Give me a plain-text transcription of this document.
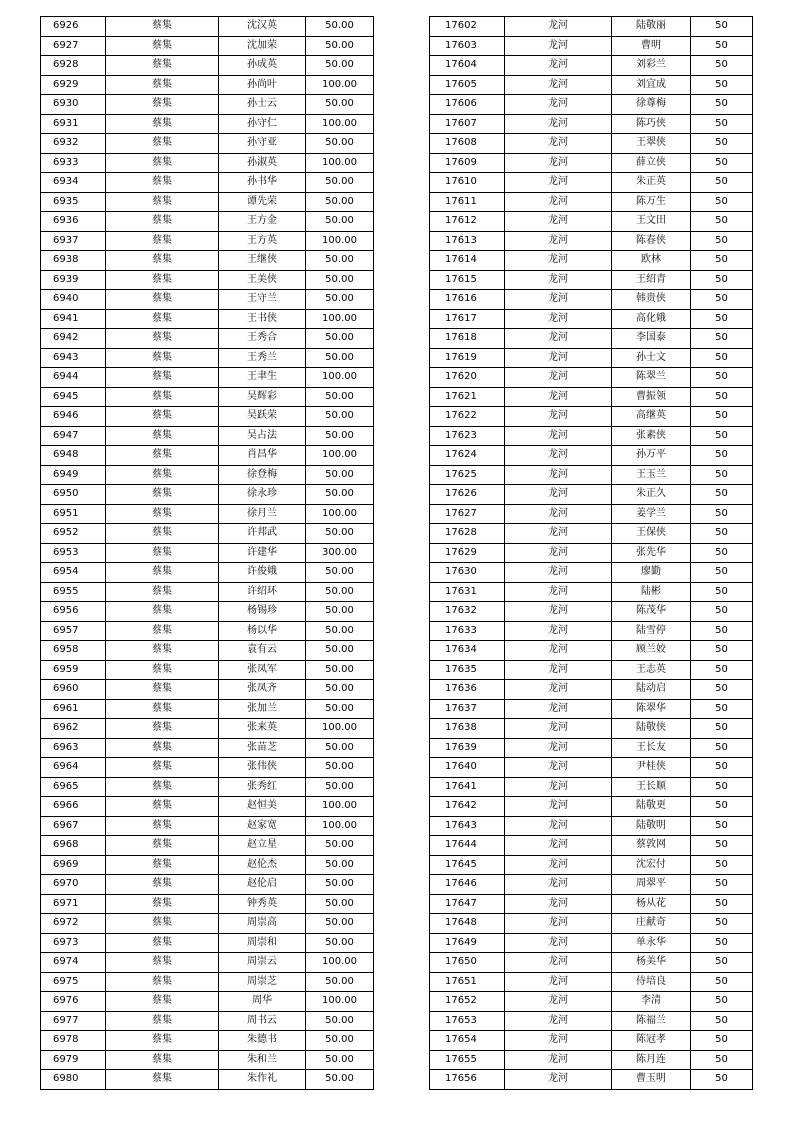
6926	蔡集	沈汉英	50.00
6927	蔡集	沈加荣	50.00
6928	蔡集	孙成英	50.00
6929	蔡集	孙尚叶	100.00
6930	蔡集	孙士云	50.00
6931	蔡集	孙守仁	100.00
6932	蔡集	孙守亚	50.00
6933	蔡集	孙淑英	100.00
6934	蔡集	孙书华	50.00
6935	蔡集	谭先荣	50.00
6936	蔡集	王方金	50.00
6937	蔡集	王方英	100.00
6938	蔡集	王继侠	50.00
6939	蔡集	王美侠	50.00
6940	蔡集	王守兰	50.00
6941	蔡集	王书侠	100.00
6942	蔡集	王秀合	50.00
6943	蔡集	王秀兰	50.00
6944	蔡集	王聿生	100.00
6945	蔡集	吴辉彩	50.00
6946	蔡集	吴跃荣	50.00
6947	蔡集	吴占法	50.00
6948	蔡集	肖昌华	100.00
6949	蔡集	徐登梅	50.00
6950	蔡集	徐永珍	50.00
6951	蔡集	徐月兰	100.00
6952	蔡集	许邦武	50.00
6953	蔡集	许建华	300.00
6954	蔡集	许俊娥	50.00
6955	蔡集	许绍环	50.00
6956	蔡集	杨锡珍	50.00
6957	蔡集	杨以华	50.00
6958	蔡集	袁有云	50.00
6959	蔡集	张凤军	50.00
6960	蔡集	张凤齐	50.00
6961	蔡集	张加兰	50.00
6962	蔡集	张来英	100.00
6963	蔡集	张苗芝	50.00
6964	蔡集	张伟侠	50.00
6965	蔡集	张秀红	50.00
6966	蔡集	赵恒美	100.00
6967	蔡集	赵家宽	100.00
6968	蔡集	赵立星	50.00
6969	蔡集	赵伦杰	50.00
6970	蔡集	赵伦启	50.00
6971	蔡集	钟秀英	50.00
6972	蔡集	周崇高	50.00
6973	蔡集	周崇和	50.00
6974	蔡集	周崇云	100.00
6975	蔡集	周崇芝	50.00
6976	蔡集	周华	100.00
6977	蔡集	周书云	50.00
6978	蔡集	朱德书	50.00
6979	蔡集	朱和兰	50.00
6980	蔡集	朱作礼	50.00
17602	龙河	陆敬丽	50
17603	龙河	曹明	50
17604	龙河	刘彩兰	50
17605	龙河	刘宜成	50
17606	龙河	徐尊梅	50
17607	龙河	陈巧侠	50
17608	龙河	王翠侠	50
17609	龙河	薛立侠	50
17610	龙河	朱正英	50
17611	龙河	陈万生	50
17612	龙河	王文田	50
17613	龙河	陈春侠	50
17614	龙河	欧林	50
17615	龙河	王绍青	50
17616	龙河	韩贵侠	50
17617	龙河	高化娥	50
17618	龙河	李国泰	50
17619	龙河	孙士文	50
17620	龙河	陈翠兰	50
17621	龙河	曹振领	50
17622	龙河	高继英	50
17623	龙河	张素侠	50
17624	龙河	孙万平	50
17625	龙河	王玉兰	50
17626	龙河	朱正久	50
17627	龙河	姜学兰	50
17628	龙河	王保侠	50
17629	龙河	张先华	50
17630	龙河	廖勤	50
17631	龙河	陆彬	50
17632	龙河	陈茂华	50
17633	龙河	陆雪停	50
17634	龙河	顾兰姣	50
17635	龙河	王志英	50
17636	龙河	陆动启	50
17637	龙河	陈翠华	50
17638	龙河	陆敬侠	50
17639	龙河	王长友	50
17640	龙河	尹桂侠	50
17641	龙河	王长顺	50
17642	龙河	陆敬更	50
17643	龙河	陆敬明	50
17644	龙河	蔡敦网	50
17645	龙河	沈宏付	50
17646	龙河	周翠平	50
17647	龙河	杨从花	50
17648	龙河	庄献奇	50
17649	龙河	单永华	50
17650	龙河	杨美华	50
17651	龙河	侍培良	50
17652	龙河	李清	50
17653	龙河	陈福兰	50
17654	龙河	陈冠孝	50
17655	龙河	陈月连	50
17656	龙河	曹玉明	50
